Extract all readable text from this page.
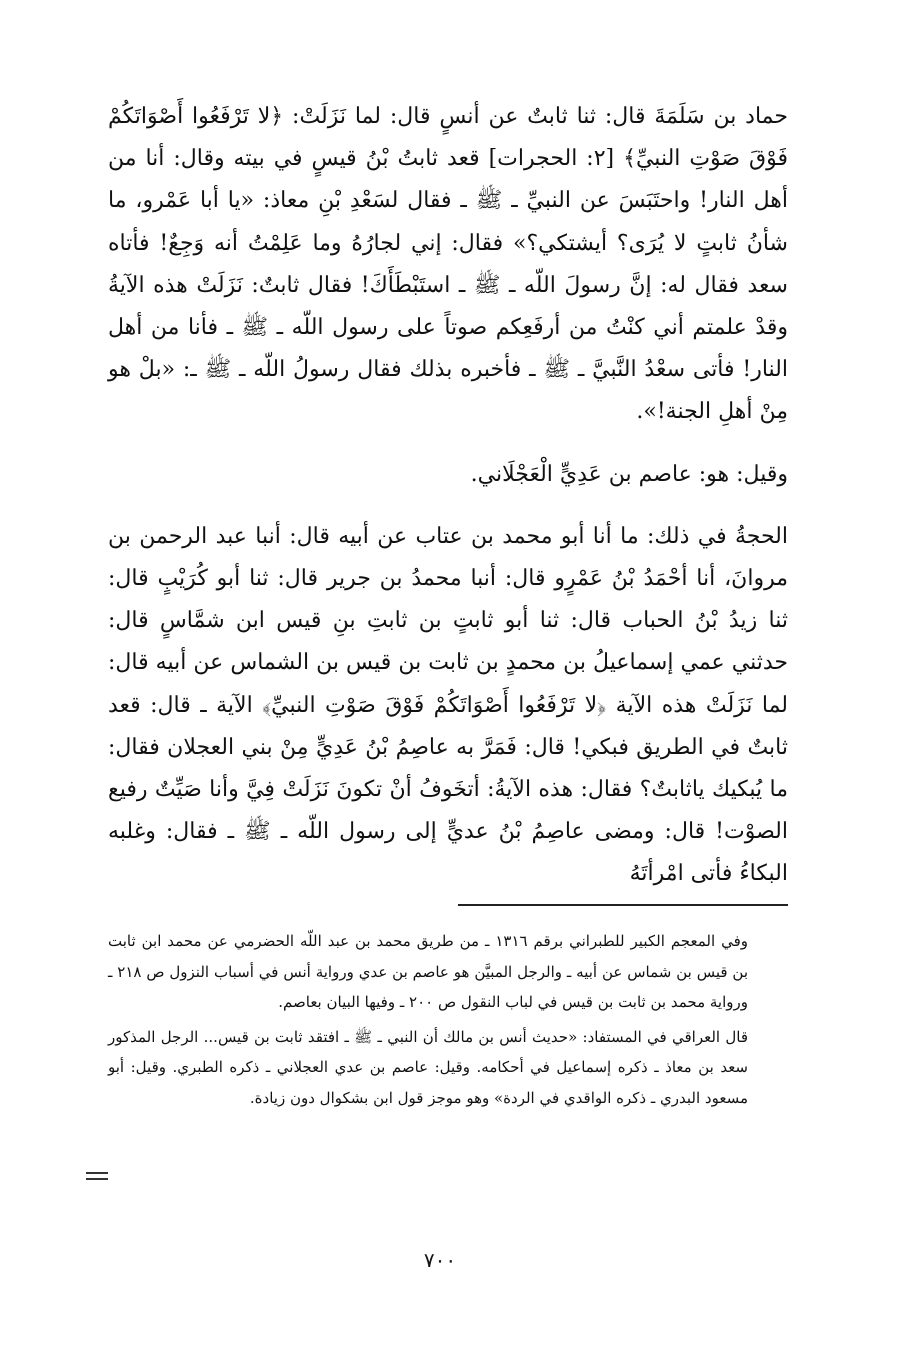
حماد بن سَلَمَةَ قال: ثنا ثابتٌ عن أنسٍ قال: لما نَزَلَتْ: ﴿لا تَرْفَعُوا أَصْوَاتَكُمْ فَوْقَ صَوْتِ النبيِّ﴾ [٢: الحجرات] قعد ثابتُ بْنُ قيسٍ في بيته وقال: أنا من أهل النار! واحتَبَسَ عن النبيِّ ـ ﷺ ـ فقال لسَعْدِ بْنِ معاذ: «يا أبا عَمْرو، ما شأنُ ثابتٍ لا يُرَى؟ أيشتكي؟» فقال: إني لجارُهُ وما عَلِمْتُ أنه وَجِعٌ! فأتاه سعد فقال له: إنَّ رسولَ اللّه ـ ﷺ ـ استَبْطَأَكَ! فقال ثابتٌ: نَزَلَتْ هذه الآيةُ وقدْ علمتم أني كنْتُ من أرفَعِكم صوتاً على رسول اللّه ـ ﷺ ـ فأنا من أهل النار! فأتى سعْدُ النَّبيَّ ـ ﷺ ـ فأخبره بذلك فقال رسولُ اللّه ـ ﷺ ـ: «بلْ هو مِنْ أهلِ الجنة!».

وقيل: هو: عاصم بن عَدِيٍّ الْعَجْلَاني.

الحجةُ في ذلك: ما أنا أبو محمد بن عتاب عن أبيه قال: أنبا عبد الرحمن بن مروانَ، أنا أحْمَدُ بْنُ عَمْرٍو قال: أنبا محمدُ بن جرير قال: ثنا أبو كُرَيْبٍ قال: ثنا زيدُ بْنُ الحباب قال: ثنا أبو ثابتٍ بن ثابتِ بنِ قيس ابن شمَّاسٍ قال: حدثني عمي إسماعيلُ بن محمدٍ بن ثابت بن قيس بن الشماس عن أبيه قال: لما نَزَلَتْ هذه الآية ﴿لا تَرْفَعُوا أَصْوَاتَكُمْ فَوْقَ صَوْتِ النبيِّ﴾ الآية ـ قال: قعد ثابتٌ في الطريق فبكي! قال: فَمَرَّ به عاصِمُ بْنُ عَدِيٍّ مِنْ بني العجلان فقال: ما يُبكيك ياثابتٌ؟ فقال: هذه الآيةُ: أتخَوفُ أنْ تكونَ نَزَلَتْ فِيَّ وأنا صَيِّتٌ رفيع الصوْت! قال: ومضى عاصِمُ بْنُ عديٍّ إلى رسول اللّه ـ ﷺ ـ فقال: وغلبه البكاءُ فأتى امْرأتَهُ

وفي المعجم الكبير للطبراني برقم ١٣١٦ ـ من طريق محمد بن عبد اللّه الحضرمي عن محمد ابن ثابت بن قيس بن شماس عن أبيه ـ والرجل المبيَّن هو عاصم بن عدي ورواية أنس في أسباب النزول ص ٢١٨ ـ ورواية محمد بن ثابت بن قيس في لباب النقول ص ٢٠٠ ـ وفيها البيان بعاصم.

قال العراقي في المستفاد: «حديث أنس بن مالك أن النبي ـ ﷺ ـ افتقد ثابت بن قيس... الرجل المذكور سعد بن معاذ ـ ذكره إسماعيل في أحكامه. وقيل: عاصم بن عدي العجلاني ـ ذكره الطبري. وقيل: أبو مسعود البدري ـ ذكره الواقدي في الردة» وهو موجز قول ابن بشكوال دون زيادة.

٧٠٠
